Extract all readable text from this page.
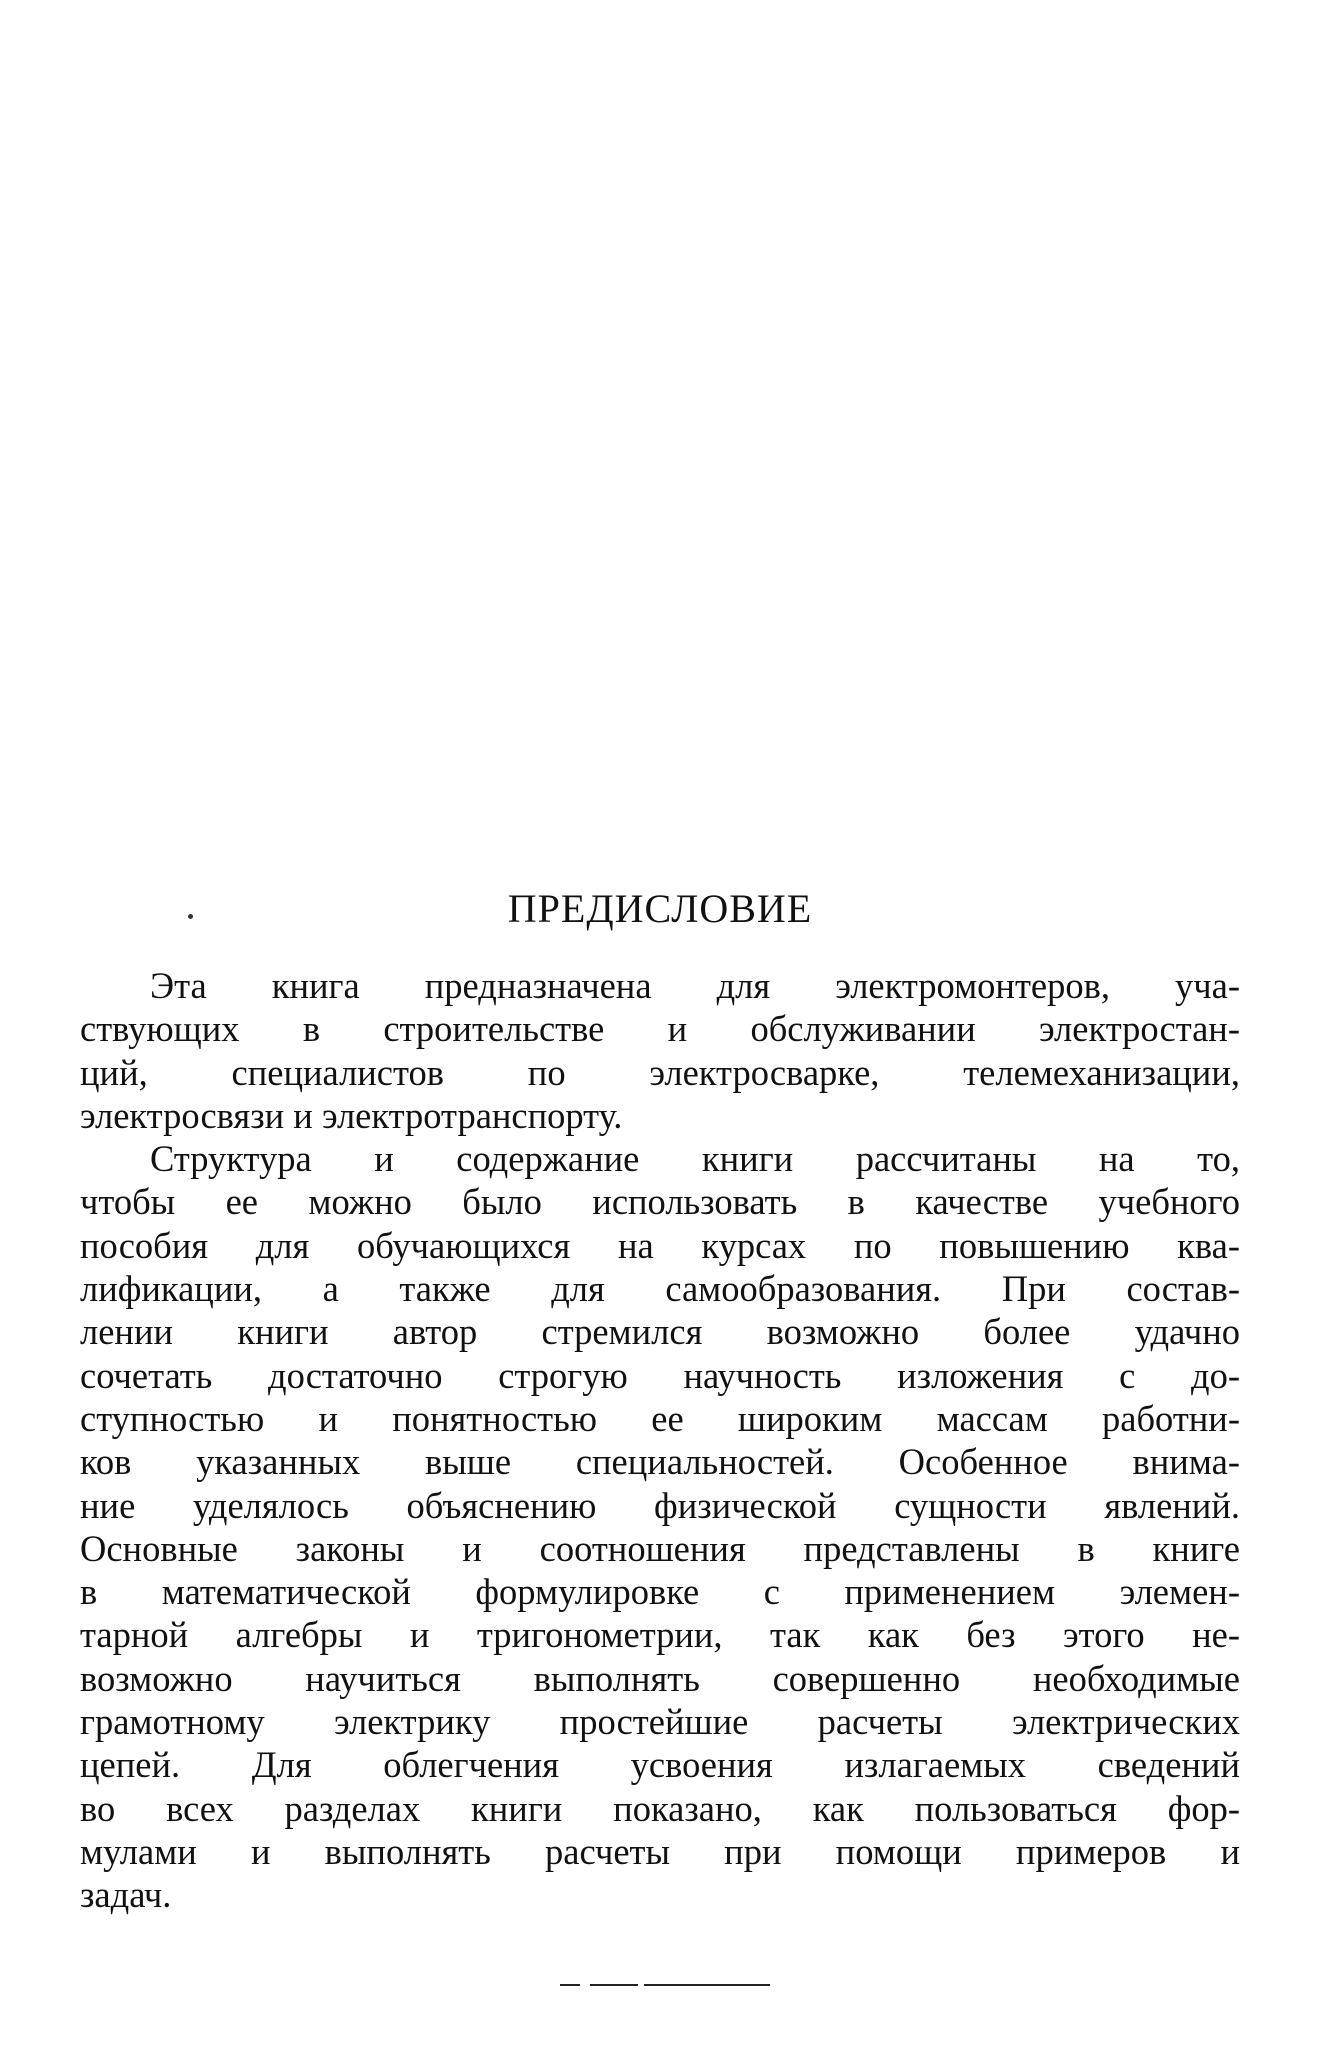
ПРЕДИСЛОВИЕ

Эта книга предназначена для электромонтеров, уча-
ствующих в строительстве и обслуживании электростан-
ций, специалистов по электросварке, телемеханизации,
электросвязи и электротранспорту.

Структура и содержание книги рассчитаны на то,
чтобы ее можно было использовать в качестве учебного
пособия для обучающихся на курсах по повышению ква-
лификации, а также для самообразования. При состав-
лении книги автор стремился возможно более удачно
сочетать достаточно строгую научность изложения с до-
ступностью и понятностью ее широким массам работни-
ков указанных выше специальностей. Особенное внима-
ние уделялось объяснению физической сущности явлений.
Основные законы и соотношения представлены в книге
в математической формулировке с применением элемен-
тарной алгебры и тригонометрии, так как без этого не-
возможно научиться выполнять совершенно необходимые
грамотному электрику простейшие расчеты электрических
цепей. Для облегчения усвоения излагаемых сведений
во всех разделах книги показано, как пользоваться фор-
мулами и выполнять расчеты при помощи примеров и
задач.
